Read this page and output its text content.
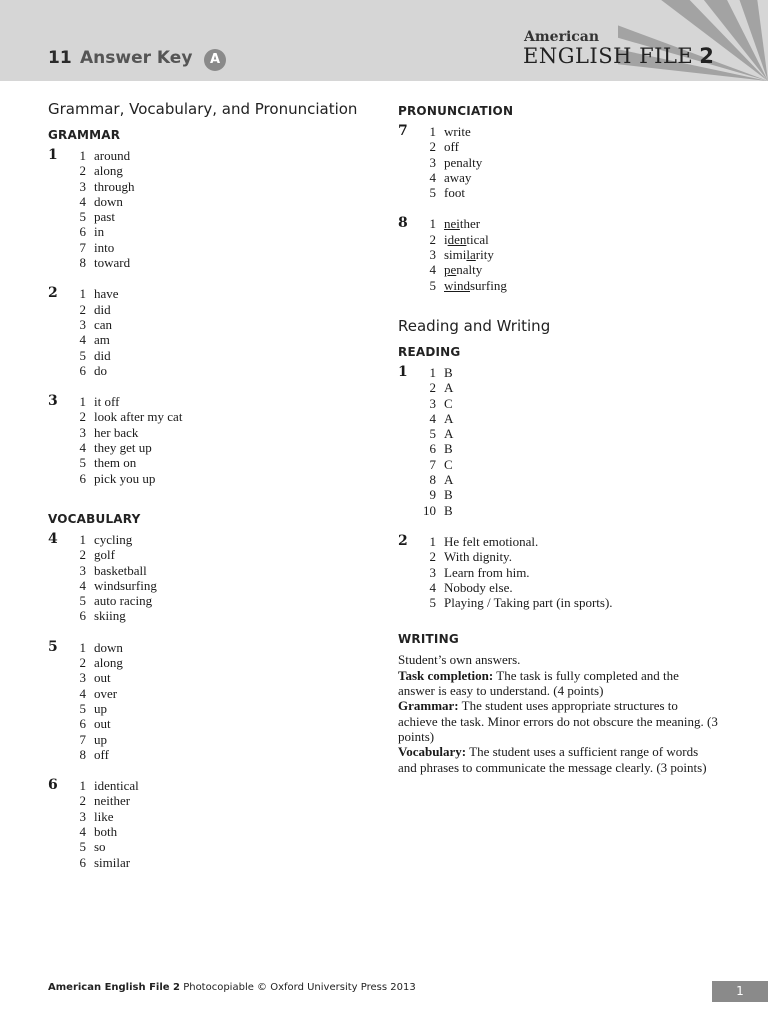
11 Answer Key	A
American
ENGLISH FILE 2
Grammar, Vocabulary, and Pronunciation
GRAMMAR
1	1 around
2 along
3 through
4 down
5 past
6 in
7 into
8 toward
2	1 have
2 did
3 can
4 am
5 did
6 do
3	1 it off
2 look after my cat
3 her back
4 they get up
5 them on
6 pick you up
VOCABULARY
4	1 cycling
2 golf
3 basketball
4 windsurfing
5 auto racing
6 skiing
5	1 down
2 along
3 out
4 over
5 up
6 out
7 up
8 off
6	1 identical
2 neither
3 like
4 both
5 so
6 similar
PRONUNCIATION
7	1 write
2 off
3 penalty
4 away
5 foot
8	1 neither
2 identical
3 similarity
4 penalty
5 windsurfing
Reading and Writing
READING
1	1 B
2 A
3 C
4 A
5 A
6 B
7 C
8 A
9 B
10 B
2	1 He felt emotional.
2 With dignity.
3 Learn from him.
4 Nobody else.
5 Playing / Taking part (in sports).
WRITING

Student’s own answers.

Task completion: The task is fully completed and the answer is easy to understand. (4 points)

Grammar: The student uses appropriate structures to achieve the task. Minor errors do not obscure the meaning. (3 points)

Vocabulary: The student uses a sufficient range of words and phrases to communicate the message clearly. (3 points)

American English File 2 Photocopiable © Oxford University Press 2013	1
